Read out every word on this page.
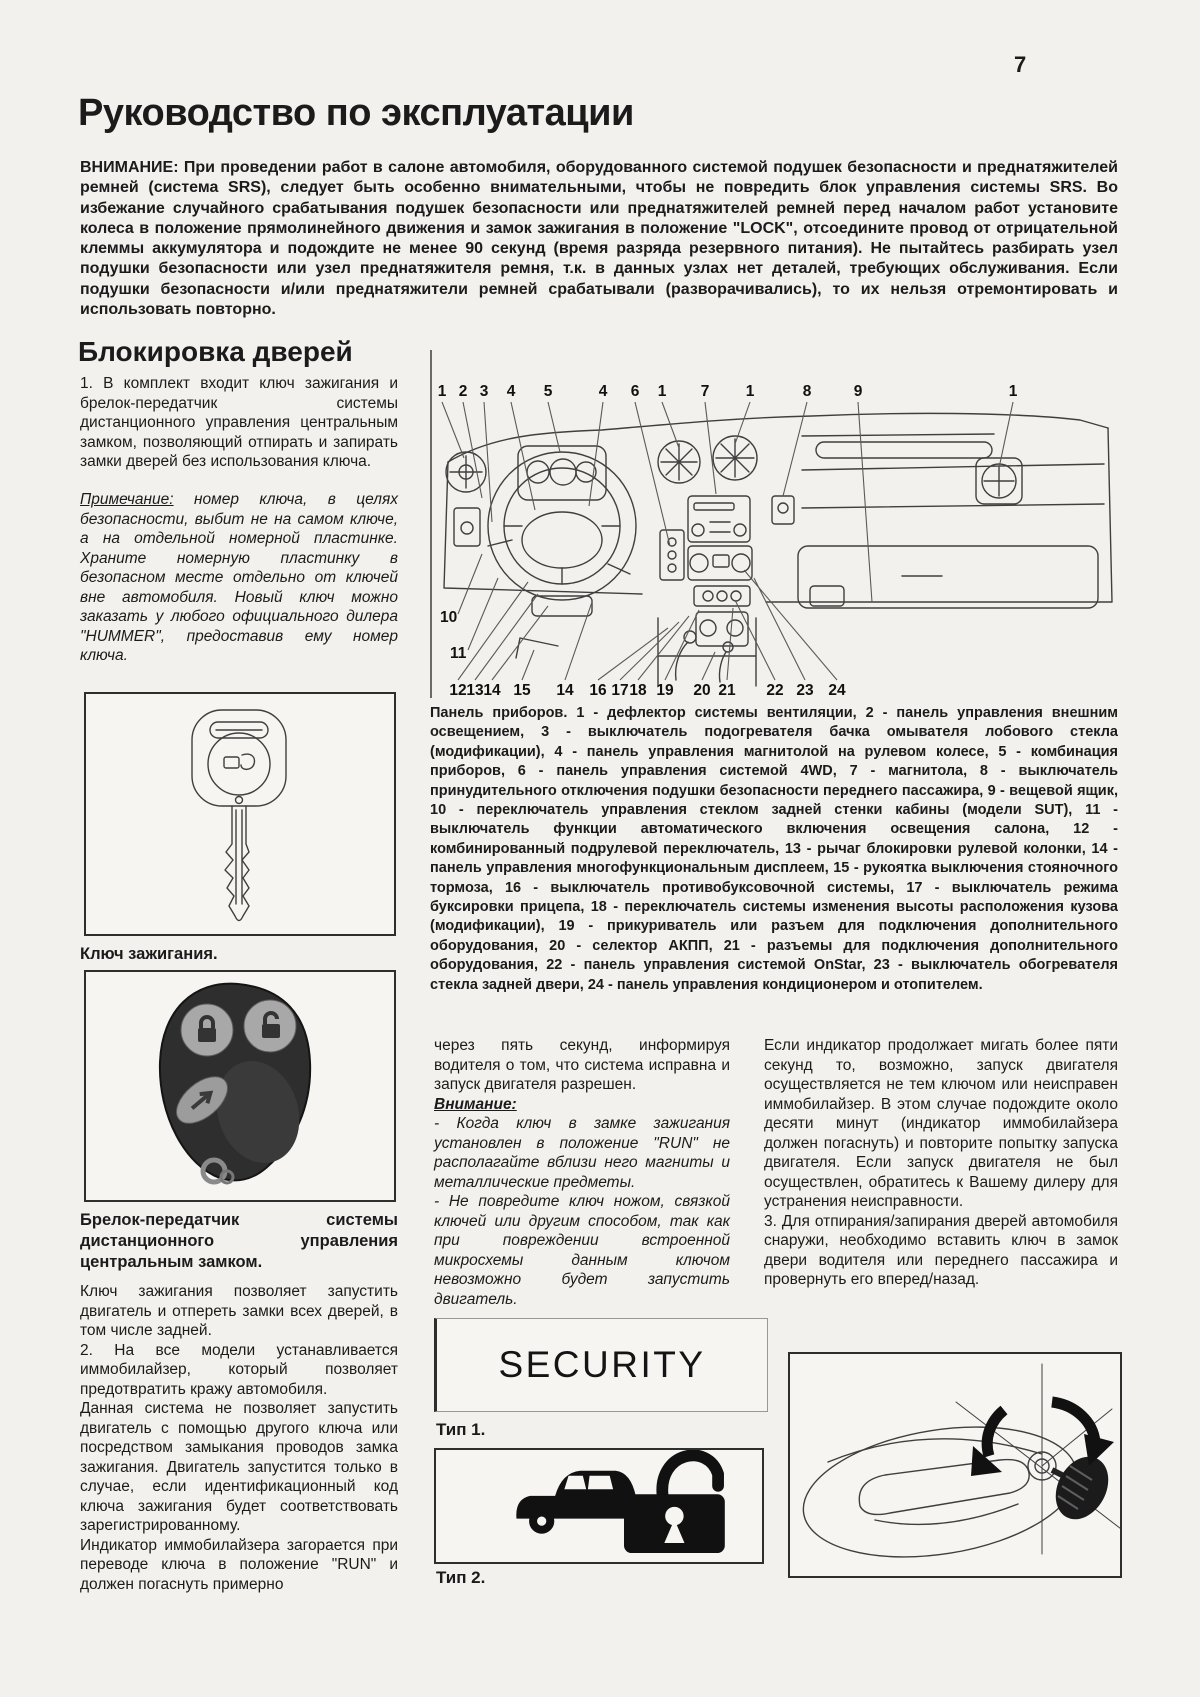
7
Руководство по эксплуатации
ВНИМАНИЕ: При проведении работ в салоне автомобиля, оборудованного системой подушек безопасности и преднатяжителей ремней (система SRS), следует быть особенно внимательными, чтобы не повредить блок управления системы SRS. Во избежание случайного срабатывания подушек безопасности или преднатяжителей ремней перед началом работ установите колеса в положение прямолинейного движения и замок зажигания в положение "LOCK", отсоедините провод от отрицательной клеммы аккумулятора и подождите не менее 90 секунд (время разряда резервного питания). Не пытайтесь разбирать узел подушки безопасности или узел преднатяжителя ремня, т.к. в данных узлах нет деталей, требующих обслуживания. Если подушки безопасности и/или преднатяжители ремней срабатывали (разворачивались), то их нельзя отремонтировать и использовать повторно.
Блокировка дверей
1. В комплект входит ключ зажигания и брелок-передатчик системы дистанционного управления центральным замком, позволяющий отпирать и запирать замки дверей без использования ключа.
Примечание: номер ключа, в целях безопасности, выбит не на самом ключе, а на отдельной номерной пластинке. Храните номерную пластинку в безопасном месте отдельно от ключей вне автомобиля. Новый ключ можно заказать у любого официального дилера "HUMMER", предоставив ему номер ключа.
Ключ зажигания.
Брелок-передатчик системы дистанционного управления центральным замком.

Ключ зажигания позволяет запустить двигатель и отпереть замки всех дверей, в том числе задней.

2. На все модели устанавливается иммобилайзер, который позволяет предотвратить кражу автомобиля.

Данная система не позволяет запустить двигатель с помощью другого ключа или посредством замыкания проводов замка зажигания. Двигатель запустится только в случае, если идентификационный код ключа зажигания будет соответствовать зарегистрированному.

Индикатор иммобилайзера загорается при переводе ключа в положение "RUN" и должен погаснуть примерно

1 2 3 4 5	4 6 1 7 1	8	9	1
10
11
12 13 14 15 14 16 17 18 19 20 21 22 23 24
Панель приборов. 1 - дефлектор системы вентиляции, 2 - панель управления внешним освещением, 3 - выключатель подогревателя бачка омывателя лобового стекла (модификации), 4 - панель управления магнитолой на рулевом колесе, 5 - комбинация приборов, 6 - панель управления системой 4WD, 7 - магнитола, 8 - выключатель принудительного отключения подушки безопасности переднего пассажира, 9 - вещевой ящик, 10 - переключатель управления стеклом задней стенки кабины (модели SUT), 11 - выключатель функции автоматического включения освещения салона, 12 - комбинированный подрулевой переключатель, 13 - рычаг блокировки рулевой колонки, 14 - панель управления многофункциональным дисплеем, 15 - рукоятка выключения стояночного тормоза, 16 - выключатель противобуксовочной системы, 17 - выключатель режима буксировки прицепа, 18 - переключатель системы изменения высоты расположения кузова (модификации), 19 - прикуриватель или разъем для подключения дополнительного оборудования, 20 - селектор АКПП, 21 - разъемы для подключения дополнительного оборудования, 22 - панель управления системой OnStar, 23 - выключатель обогревателя стекла задней двери, 24 - панель управления кондиционером и отопителем.

через пять секунд, информируя водителя о том, что система исправна и запуск двигателя разрешен.

Внимание:

- Когда ключ в замке зажигания установлен в положение "RUN" не располагайте вблизи него магниты и металлические предметы.

- Не повредите ключ ножом, связкой ключей или другим способом, так как при повреждении встроенной микросхемы данным ключом невозможно будет запустить двигатель.

SECURITY
Тип 1.
Тип 2.

Если индикатор продолжает мигать более пяти секунд то, возможно, запуск двигателя осуществляется не тем ключом или неисправен иммобилайзер. В этом случае подождите около десяти минут (индикатор иммобилайзера должен погаснуть) и повторите попытку запуска двигателя. Если запуск двигателя не был осуществлен, обратитесь к Вашему дилеру для устранения неисправности.

3. Для отпирания/запирания дверей автомобиля снаружи, необходимо вставить ключ в замок двери водителя или переднего пассажира и провернуть его вперед/назад.
